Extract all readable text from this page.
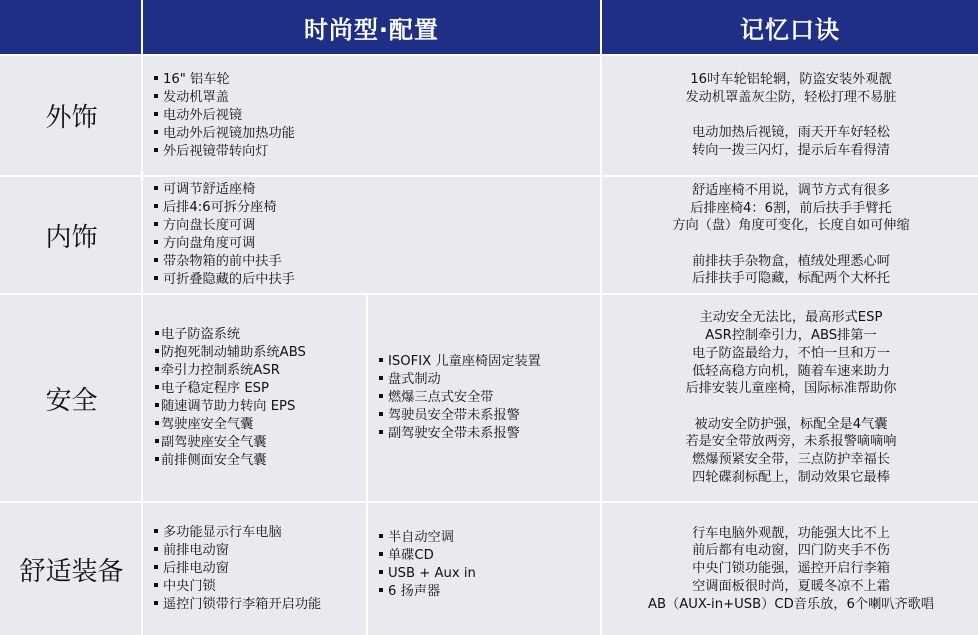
时尚型·配置	记忆口诀
外饰
16" 铝车轮
发动机罩盖
电动外后视镜
电动外后视镜加热功能
外后视镜带转向灯
16吋车轮铝轮辋，防盗安装外观靓
发动机罩盖灰尘防，轻松打理不易脏
电动加热后视镜，雨天开车好轻松
转向一拨三闪灯，提示后车看得清
内饰
可调节舒适座椅
后排4:6可拆分座椅
方向盘长度可调
方向盘角度可调
带杂物箱的前中扶手
可折叠隐藏的后中扶手
舒适座椅不用说，调节方式有很多
后排座椅4：6割，前后扶手手臂托
方向（盘）角度可变化，长度自如可伸缩
前排扶手杂物盒，植绒处理悉心呵
后排扶手可隐藏，标配两个大杯托
安全
电子防盗系统
防抱死制动辅助系统ABS
牵引力控制系统ASR
电子稳定程序 ESP
随速调节助力转向 EPS
驾驶座安全气囊
副驾驶座安全气囊
前排侧面安全气囊
ISOFIX 儿童座椅固定装置
盘式制动
燃爆三点式安全带
驾驶员安全带未系报警
副驾驶安全带未系报警
主动安全无法比，最高形式ESP
ASR控制牵引力，ABS排第一
电子防盗最给力，不怕一旦和万一
低轻高稳方向机，随着车速来助力
后排安装儿童座椅，国际标准帮助你
被动安全防护强，标配全是4气囊
若是安全带放两旁，未系报警嘀嘀响
燃爆预紧安全带，三点防护幸福长
四轮碟刹标配上，制动效果它最棒
舒适装备
多功能显示行车电脑
前排电动窗
后排电动窗
中央门锁
遥控门锁带行李箱开启功能
半自动空调
单碟CD
USB + Aux in
6 扬声器
行车电脑外观靓，功能强大比不上
前后都有电动窗，四门防夹手不伤
中央门锁功能强，遥控开启行李箱
空调面板很时尚，夏暖冬凉不上霜
AB（AUX-in+USB）CD音乐放，6个喇叭齐歌唱
